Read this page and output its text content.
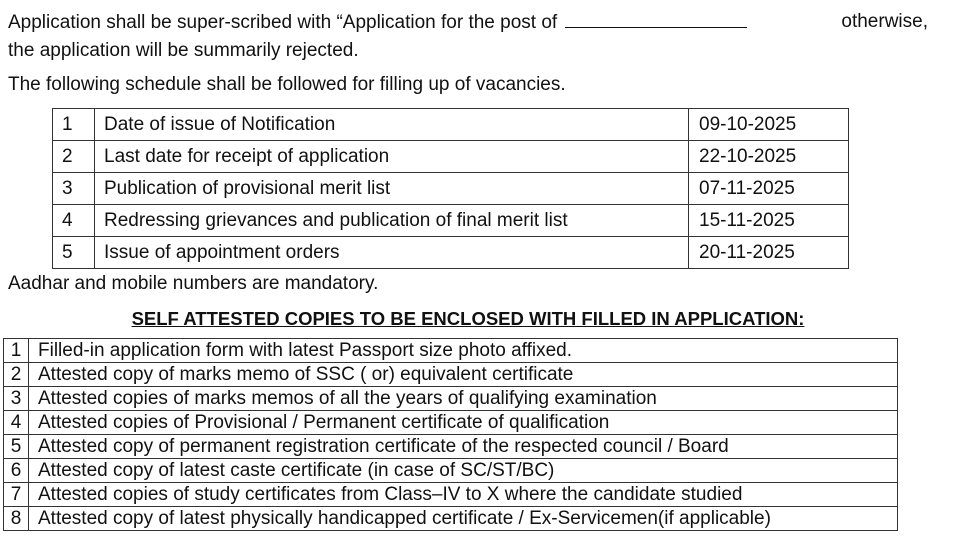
Application shall be super-scribed with “Application for the post of	otherwise,
the application will be summarily rejected.
The following schedule shall be followed for filling up of vacancies.
1	Date of issue of Notification	09-10-2025
2	Last date for receipt of application	22-10-2025
3	Publication of provisional merit list	07-11-2025
4	Redressing grievances and publication of final merit list	15-11-2025
5	Issue of appointment orders	20-11-2025
Aadhar and mobile numbers are mandatory.
SELF ATTESTED COPIES TO BE ENCLOSED WITH FILLED IN APPLICATION:
1	Filled-in application form with latest Passport size photo affixed.
2	Attested copy of marks memo of SSC ( or) equivalent certificate
3	Attested copies of marks memos of all the years of qualifying examination
4	Attested copies of Provisional / Permanent certificate of qualification
5	Attested copy of permanent registration certificate of the respected council / Board
6	Attested copy of latest caste certificate (in case of SC/ST/BC)
7	Attested copies of study certificates from Class–IV to X where the candidate studied
8	Attested copy of latest physically handicapped certificate / Ex-Servicemen(if applicable)
